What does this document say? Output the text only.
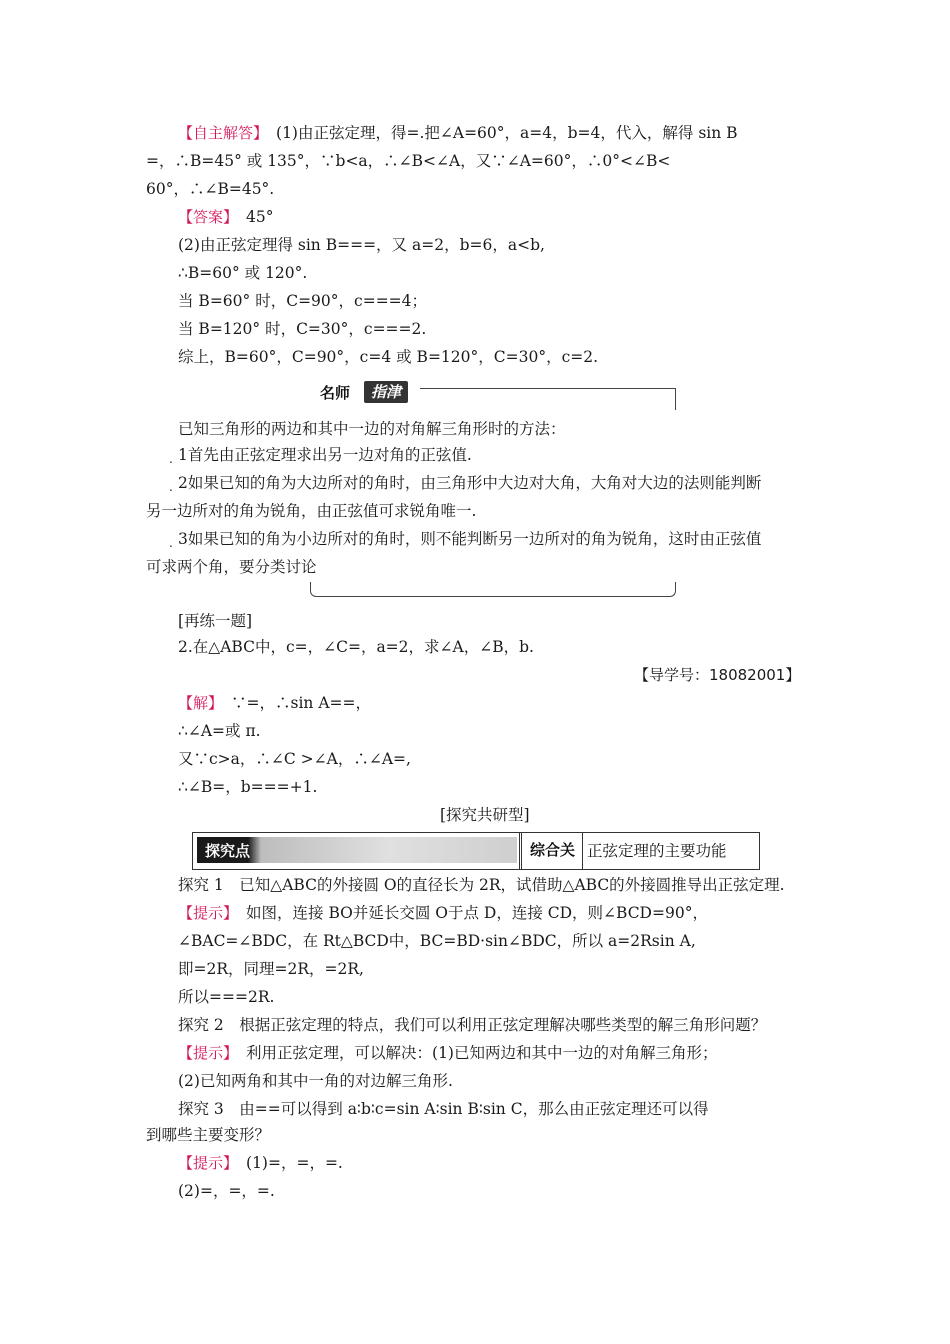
【自主解答】　(1)由正弦定理，得=.把∠A=60°，a=4，b=4，代入，解得 sin B
=，∴B=45° 或 135°，∵b<a，∴∠B<∠A，又∵∠A=60°，∴0°<∠B<
60°，∴∠B=45°.
【答案】　45°
(2)由正弦定理得 sin B===，又 a=2，b=6，a<b,
∴B=60° 或 120°.
当 B=60° 时，C=90°，c===4；
当 B=120° 时，C=30°，c===2.
综上，B=60°，C=90°，c=4 或 B=120°，C=30°，c=2.
名师	指津
已知三角形的两边和其中一边的对角解三角形时的方法：
. 1首先由正弦定理求出另一边对角的正弦值.
. 2如果已知的角为大边所对的角时，由三角形中大边对大角，大角对大边的法则能判断
另一边所对的角为锐角，由正弦值可求锐角唯一.
. 3如果已知的角为小边所对的角时，则不能判断另一边所对的角为锐角，这时由正弦值
可求两个角，要分类讨论
[再练一题]
2.在△ABC中，c=，∠C=，a=2，求∠A，∠B，b.
【导学号：18082001】
【解】　∵=，∴sin A==，
∴∠A=或 π.
又∵c>a，∴∠C >∠A，∴∠A=,
∴∠B=，b===+1.
[探究共研型]
探究点	综合关 正弦定理的主要功能
探究 1　已知△ABC的外接圆 O的直径长为 2R，试借助△ABC的外接圆推导出正弦定理.
【提示】　如图，连接 BO并延长交圆 O于点 D，连接 CD，则∠BCD=90°，
∠BAC=∠BDC，在 Rt△BCD中，BC=BD·sin∠BDC，所以 a=2Rsin A,
即=2R，同理=2R，=2R,
所以===2R.
探究 2　根据正弦定理的特点，我们可以利用正弦定理解决哪些类型的解三角形问题？
【提示】　利用正弦定理，可以解决：(1)已知两边和其中一边的对角解三角形；
(2)已知两角和其中一角的对边解三角形.
探究 3　由==可以得到 a∶b∶c=sin A∶sin B∶sin C，那么由正弦定理还可以得
到哪些主要变形？
【提示】　(1)=，=，=.
(2)=，=，=.
